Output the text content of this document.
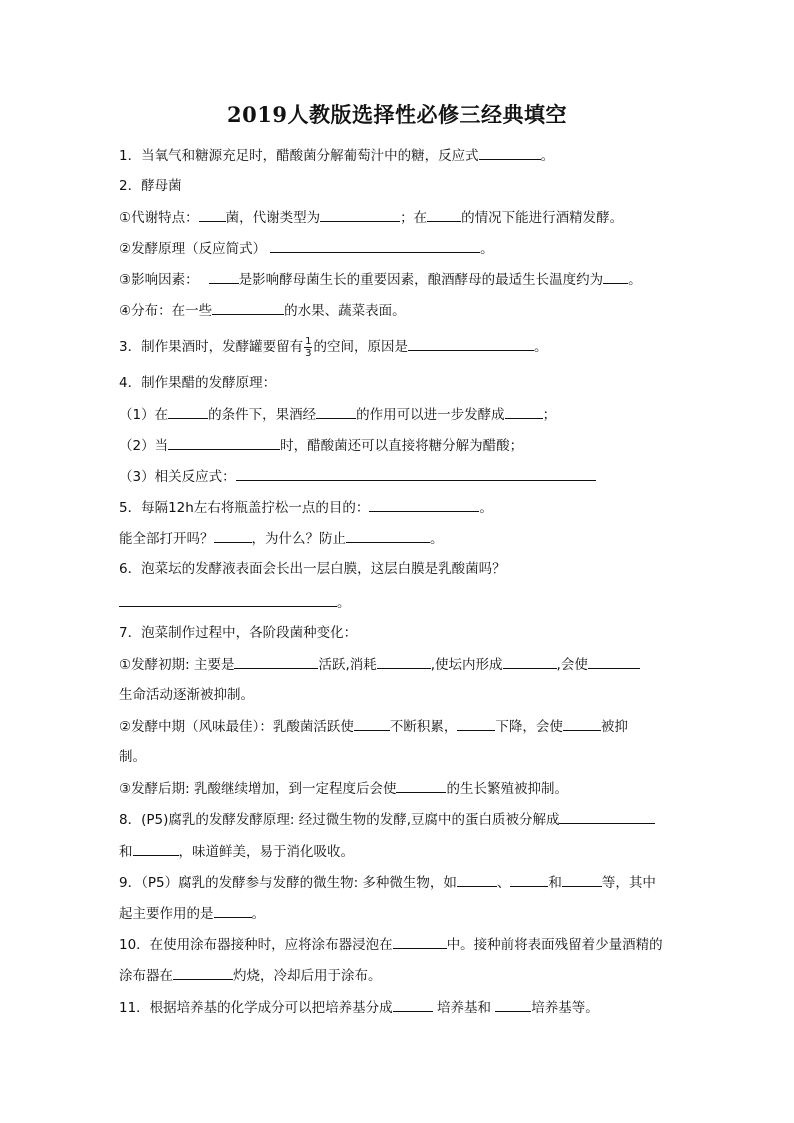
2019人教版选择性必修三经典填空
1．当氧气和糖源充足时，醋酸菌分解葡萄汁中的糖，反应式	。
2．酵母菌
①代谢特点： 菌，代谢类型为	；在	的情况下能进行酒精发酵。
②发酵原理（反应简式）	。
③影响因素：	是影响酵母菌生长的重要因素，酿酒酵母的最适生长温度约为 。
④分布：在一些	的水果、蔬菜表面。
3．制作果酒时，发酵罐要留有 $\frac{1}{3}$ 的空间，原因是	。
4．制作果醋的发酵原理：
（1）在	的条件下，果酒经	的作用可以进一步发酵成	；
（2）当	时，醋酸菌还可以直接将糖分解为醋酸；
（3）相关反应式：
5．每隔12h左右将瓶盖拧松一点的目的：	。
能全部打开吗？	，为什么？防止	。
6．泡菜坛的发酵液表面会长出一层白膜，这层白膜是乳酸菌吗？
。
7．泡菜制作过程中，各阶段菌种变化：
①发酵初期: 主要是	活跃,消耗	,使坛内形成	,会使
生命活动逐渐被抑制。
②发酵中期（风味最佳）：乳酸菌活跃使	不断积累，	下降，会使	被抑
制。
③发酵后期: 乳酸继续增加，到一定程度后会使	的生长繁殖被抑制。
8．(P5)腐乳的发酵发酵原理: 经过微生物的发酵,豆腐中的蛋白质被分解成
和	，味道鲜美，易于消化吸收。
9．（P5）腐乳的发酵参与发酵的微生物: 多种微生物，如	、	和	等，其中
起主要作用的是	。
10．在使用涂布器接种时，应将涂布器浸泡在	中。接种前将表面残留着少量酒精的
涂布器在	灼烧，冷却后用于涂布。
11．根据培养基的化学成分可以把培养基分成	培养基和	培养基等。
